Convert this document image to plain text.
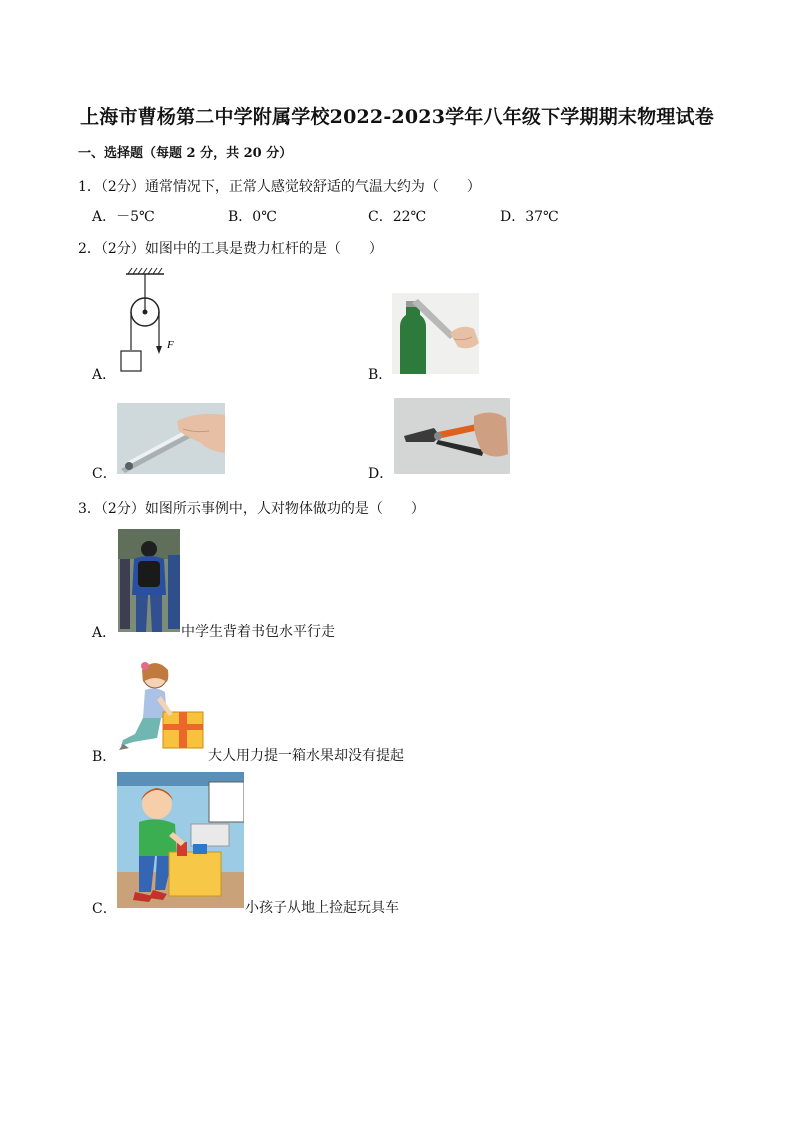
上海市曹杨第二中学附属学校2022-2023学年八年级下学期期末物理试卷
一、选择题（每题 2 分，共 20 分）
1．（2分）通常情况下，正常人感觉较舒适的气温大约为（　　）
A．－5℃	B．0℃	C．22℃	D．37℃
2．（2分）如图中的工具是费力杠杆的是（　　）
A．
F
B．
C．	D．
3．（2分）如图所示事例中，人对物体做功的是（　　）
A．	中学生背着书包水平行走
B．	大人用力提一箱水果却没有提起
C．	小孩子从地上捡起玩具车
